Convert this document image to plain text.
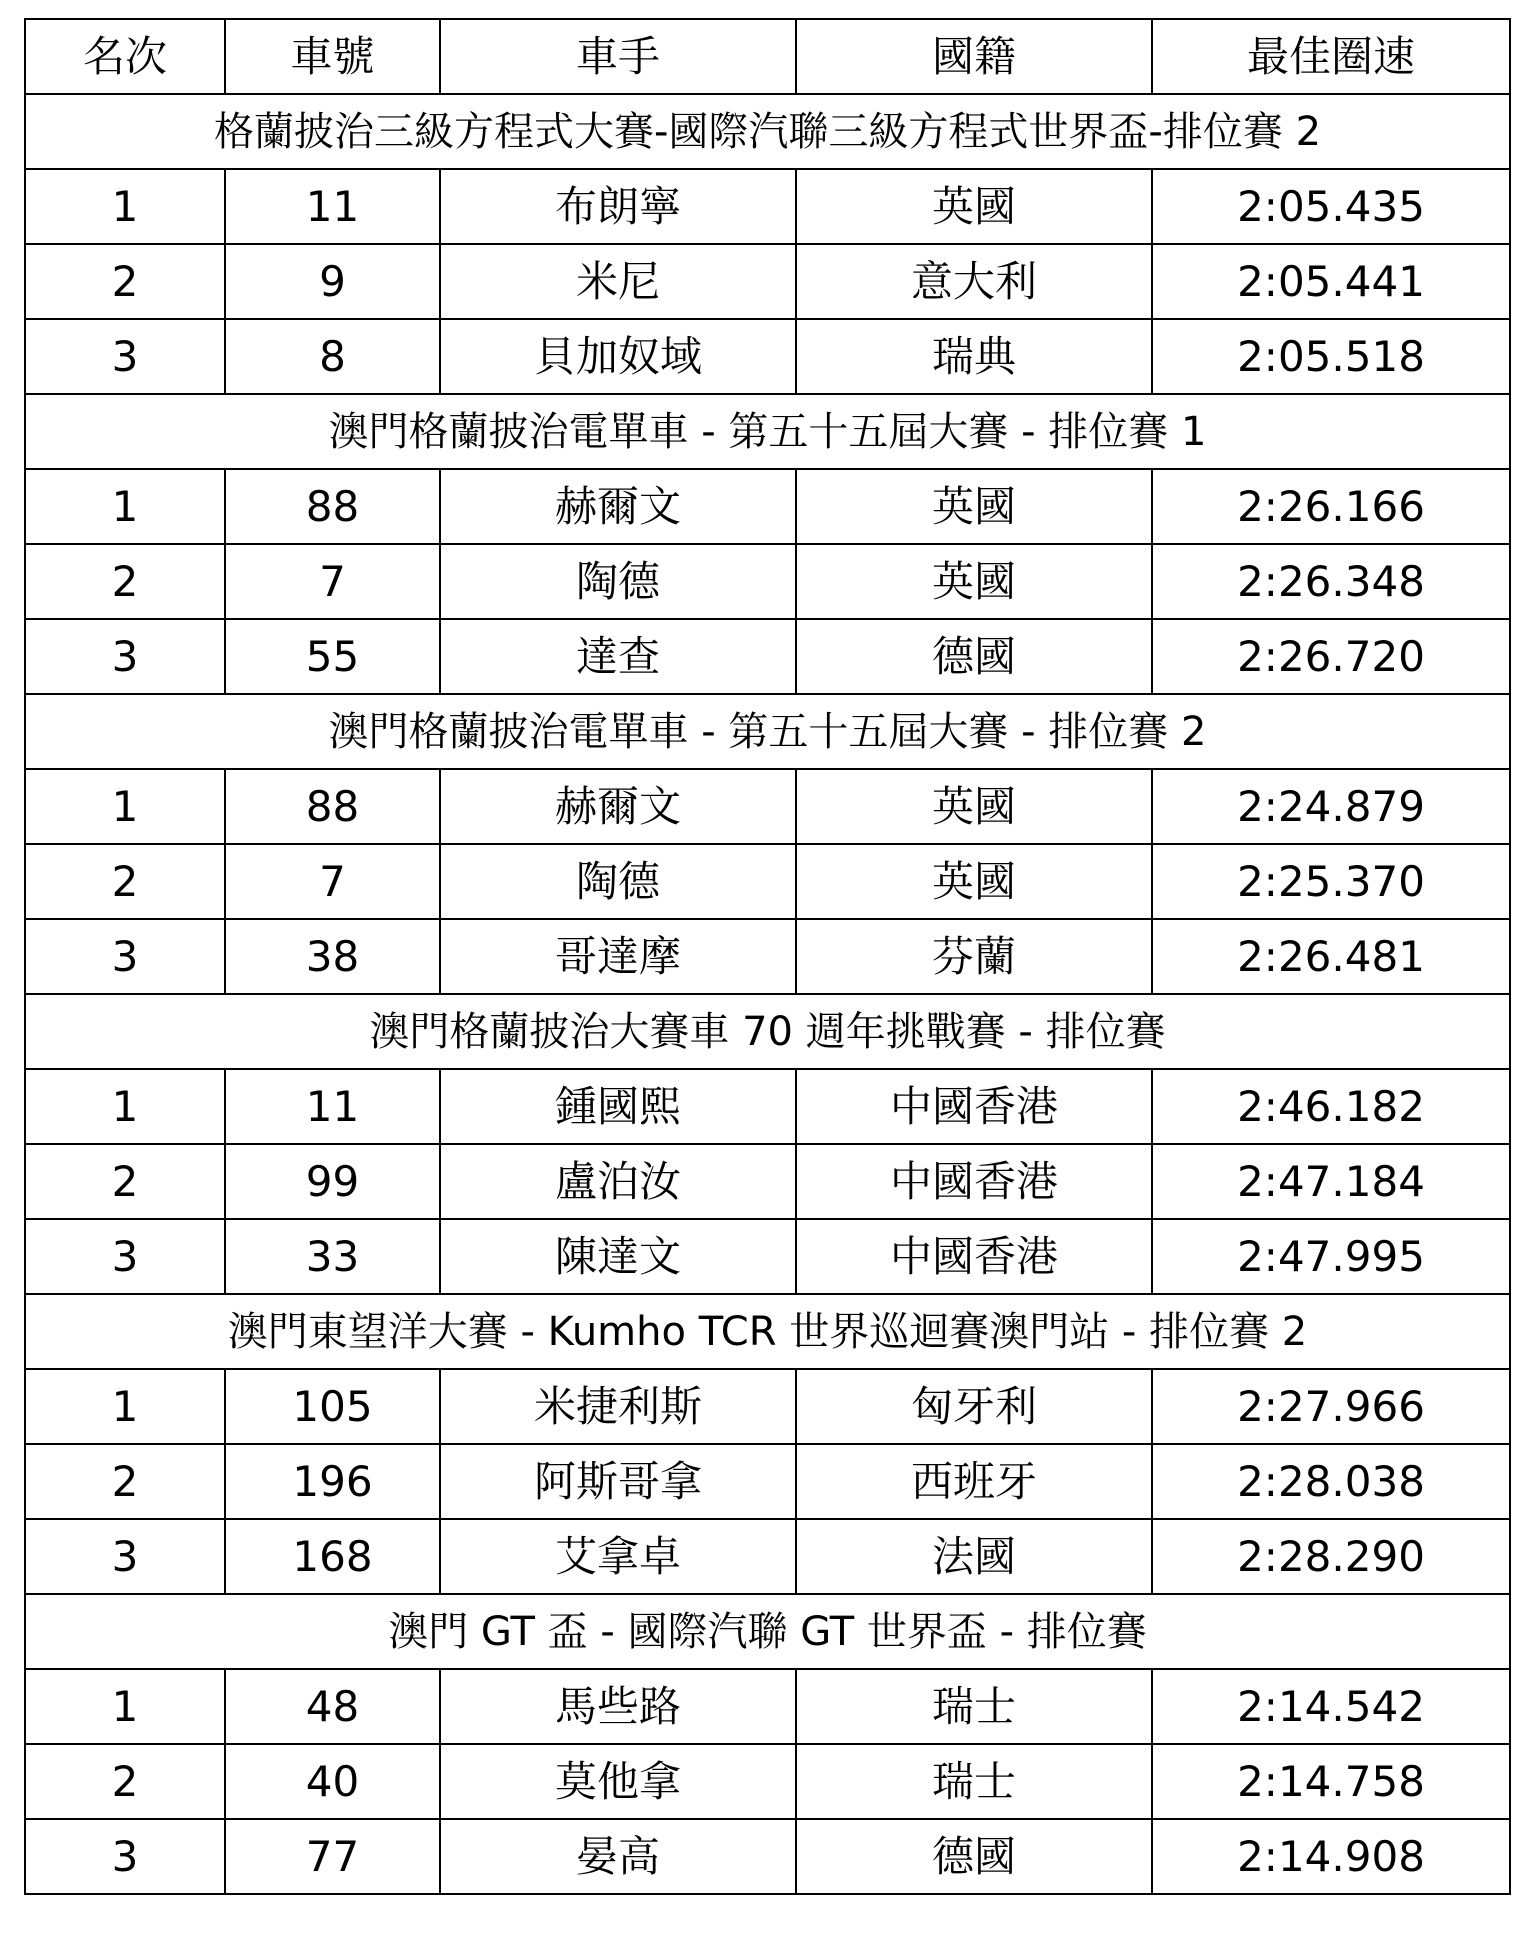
名次	車號	車手	國籍	最佳圈速
格蘭披治三級方程式大賽-國際汽聯三級方程式世界盃-排位賽 2				
1	11	布朗寧	英國	2:05.435
2	9	米尼	意大利	2:05.441
3	8	貝加奴域	瑞典	2:05.518
澳門格蘭披治電單車 - 第五十五屆大賽 - 排位賽 1				
1	88	赫爾文	英國	2:26.166
2	7	陶德	英國	2:26.348
3	55	達查	德國	2:26.720
澳門格蘭披治電單車 - 第五十五屆大賽 - 排位賽 2				
1	88	赫爾文	英國	2:24.879
2	7	陶德	英國	2:25.370
3	38	哥達摩	芬蘭	2:26.481
澳門格蘭披治大賽車 70 週年挑戰賽 - 排位賽				
1	11	鍾國熙	中國香港	2:46.182
2	99	盧泊汝	中國香港	2:47.184
3	33	陳達文	中國香港	2:47.995
澳門東望洋大賽 - Kumho TCR 世界巡迴賽澳門站 - 排位賽 2				
1	105	米捷利斯	匈牙利	2:27.966
2	196	阿斯哥拿	西班牙	2:28.038
3	168	艾拿卓	法國	2:28.290
澳門 GT 盃 - 國際汽聯 GT 世界盃 - 排位賽				
1	48	馬些路	瑞士	2:14.542
2	40	莫他拿	瑞士	2:14.758
3	77	晏高	德國	2:14.908
